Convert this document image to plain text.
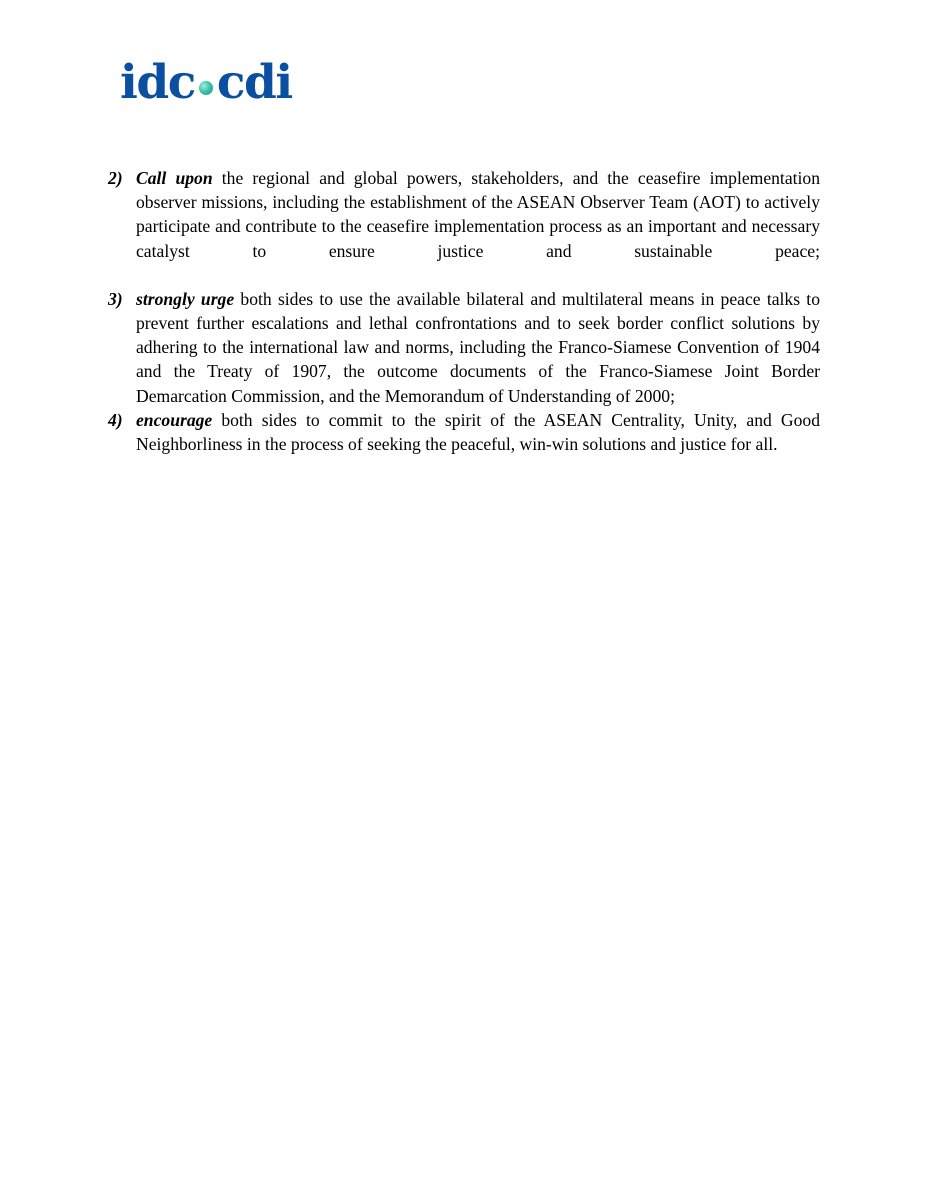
idc cdi
2) Call upon the regional and global powers, stakeholders, and the ceasefire implementation observer missions, including the establishment of the ASEAN Observer Team (AOT) to actively participate and contribute to the ceasefire implementation process as an important and necessary catalyst to ensure justice and sustainable peace;
3) strongly urge both sides to use the available bilateral and multilateral means in peace talks to prevent further escalations and lethal confrontations and to seek border conflict solutions by adhering to the international law and norms, including the Franco-Siamese Convention of 1904 and the Treaty of 1907, the outcome documents of the Franco-Siamese Joint Border Demarcation Commission, and the Memorandum of Understanding of 2000;
4) encourage both sides to commit to the spirit of the ASEAN Centrality, Unity, and Good Neighborliness in the process of seeking the peaceful, win-win solutions and justice for all.
